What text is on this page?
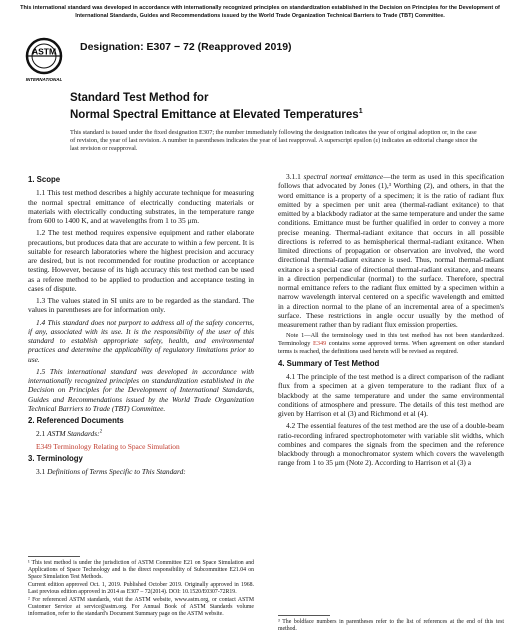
This international standard was developed in accordance with internationally recognized principles on standardization established in the Decision on Principles for the Development of International Standards, Guides and Recommendations issued by the World Trade Organization Technical Barriers to Trade (TBT) Committee.
ASTM
INTERNATIONAL
Designation: E307 − 72 (Reapproved 2019)
Standard Test Method for
Normal Spectral Emittance at Elevated Temperatures$^1$
This standard is issued under the fixed designation E307; the number immediately following the designation indicates the year of original adoption or, in the case of revision, the year of last revision. A number in parentheses indicates the year of last reapproval. A superscript epsilon (ε) indicates an editorial change since the last revision or reapproval.
1. Scope

1.1 This test method describes a highly accurate technique for measuring the normal spectral emittance of electrically conducting materials or materials with electrically conducting substrates, in the temperature range from 600 to 1400 K, and at wavelengths from 1 to 35 μm.

1.2 The test method requires expensive equipment and rather elaborate precautions, but produces data that are accurate to within a few percent. It is suitable for research laboratories where the highest precision and accuracy are desired, but is not recommended for routine production or acceptance testing. However, because of its high accuracy this test method can be used as a referee method to be applied to production and acceptance testing in cases of dispute.

1.3 The values stated in SI units are to be regarded as the standard. The values in parentheses are for information only.

1.4 This standard does not purport to address all of the safety concerns, if any, associated with its use. It is the responsibility of the user of this standard to establish appropriate safety, health, and environmental practices and determine the applicability of regulatory limitations prior to use.

1.5 This international standard was developed in accordance with internationally recognized principles on standardization established in the Decision on Principles for the Development of International Standards, Guides and Recommendations issued by the World Trade Organization Technical Barriers to Trade (TBT) Committee.

2. Referenced Documents

2.1 ASTM Standards:$^2$

E349 Terminology Relating to Space Simulation

3. Terminology

3.1 Definitions of Terms Specific to This Standard:

¹ This test method is under the jurisdiction of ASTM Committee E21 on Space Simulation and Applications of Space Technology and is the direct responsibility of Subcommittee E21.04 on Space Simulation Test Methods.

Current edition approved Oct. 1, 2019. Published October 2019. Originally approved in 1968. Last previous edition approved in 2014 as E307 – 72(2014). DOI: 10.1520/E0307-72R19.

² For referenced ASTM standards, visit the ASTM website, www.astm.org, or contact ASTM Customer Service at service@astm.org. For Annual Book of ASTM Standards volume information, refer to the standard's Document Summary page on the ASTM website.

3.1.1 spectral normal emittance—the term as used in this specification follows that advocated by Jones (1),³ Worthing (2), and others, in that the word emittance is a property of a specimen; it is the ratio of radiant flux emitted by a specimen per unit area (thermal-radiant exitance) to that emitted by a blackbody radiator at the same temperature and under the same conditions. Emittance must be further qualified in order to convey a more precise meaning. Thermal-radiant exitance that occurs in all possible directions is referred to as hemispherical thermal-radiant exitance. When limited directions of propagation or observation are involved, the word directional thermal-radiant exitance is used. Thus, normal thermal-radiant exitance is a special case of directional thermal-radiant exitance, and means in a direction perpendicular (normal) to the surface. Therefore, spectral normal emittance refers to the radiant flux emitted by a specimen within a narrow wavelength interval centered on a specific wavelength and emitted in a direction normal to the plane of an incremental area of a specimen's surface. These restrictions in angle occur usually by the method of measurement rather than by radiant flux emission properties.

Note 1—All the terminology used in this test method has not been standardized. Terminology E349 contains some approved terms. When agreement on other standard terms is reached, the definitions used herein will be revised as required.

4. Summary of Test Method

4.1 The principle of the test method is a direct comparison of the radiant flux from a specimen at a given temperature to the radiant flux of a blackbody at the same temperature and under the same environmental conditions of atmosphere and pressure. The details of this test method are given by Harrison et al (3) and Richmond et al (4).

4.2 The essential features of the test method are the use of a double-beam ratio-recording infrared spectrophotometer with variable slit widths, which combines and compares the signals from the specimen and the reference blackbody through a monochromator system which covers the wavelength range from 1 to 35 μm (Note 2). According to Harrison et al (3) a

³ The boldface numbers in parentheses refer to the list of references at the end of this test method.
